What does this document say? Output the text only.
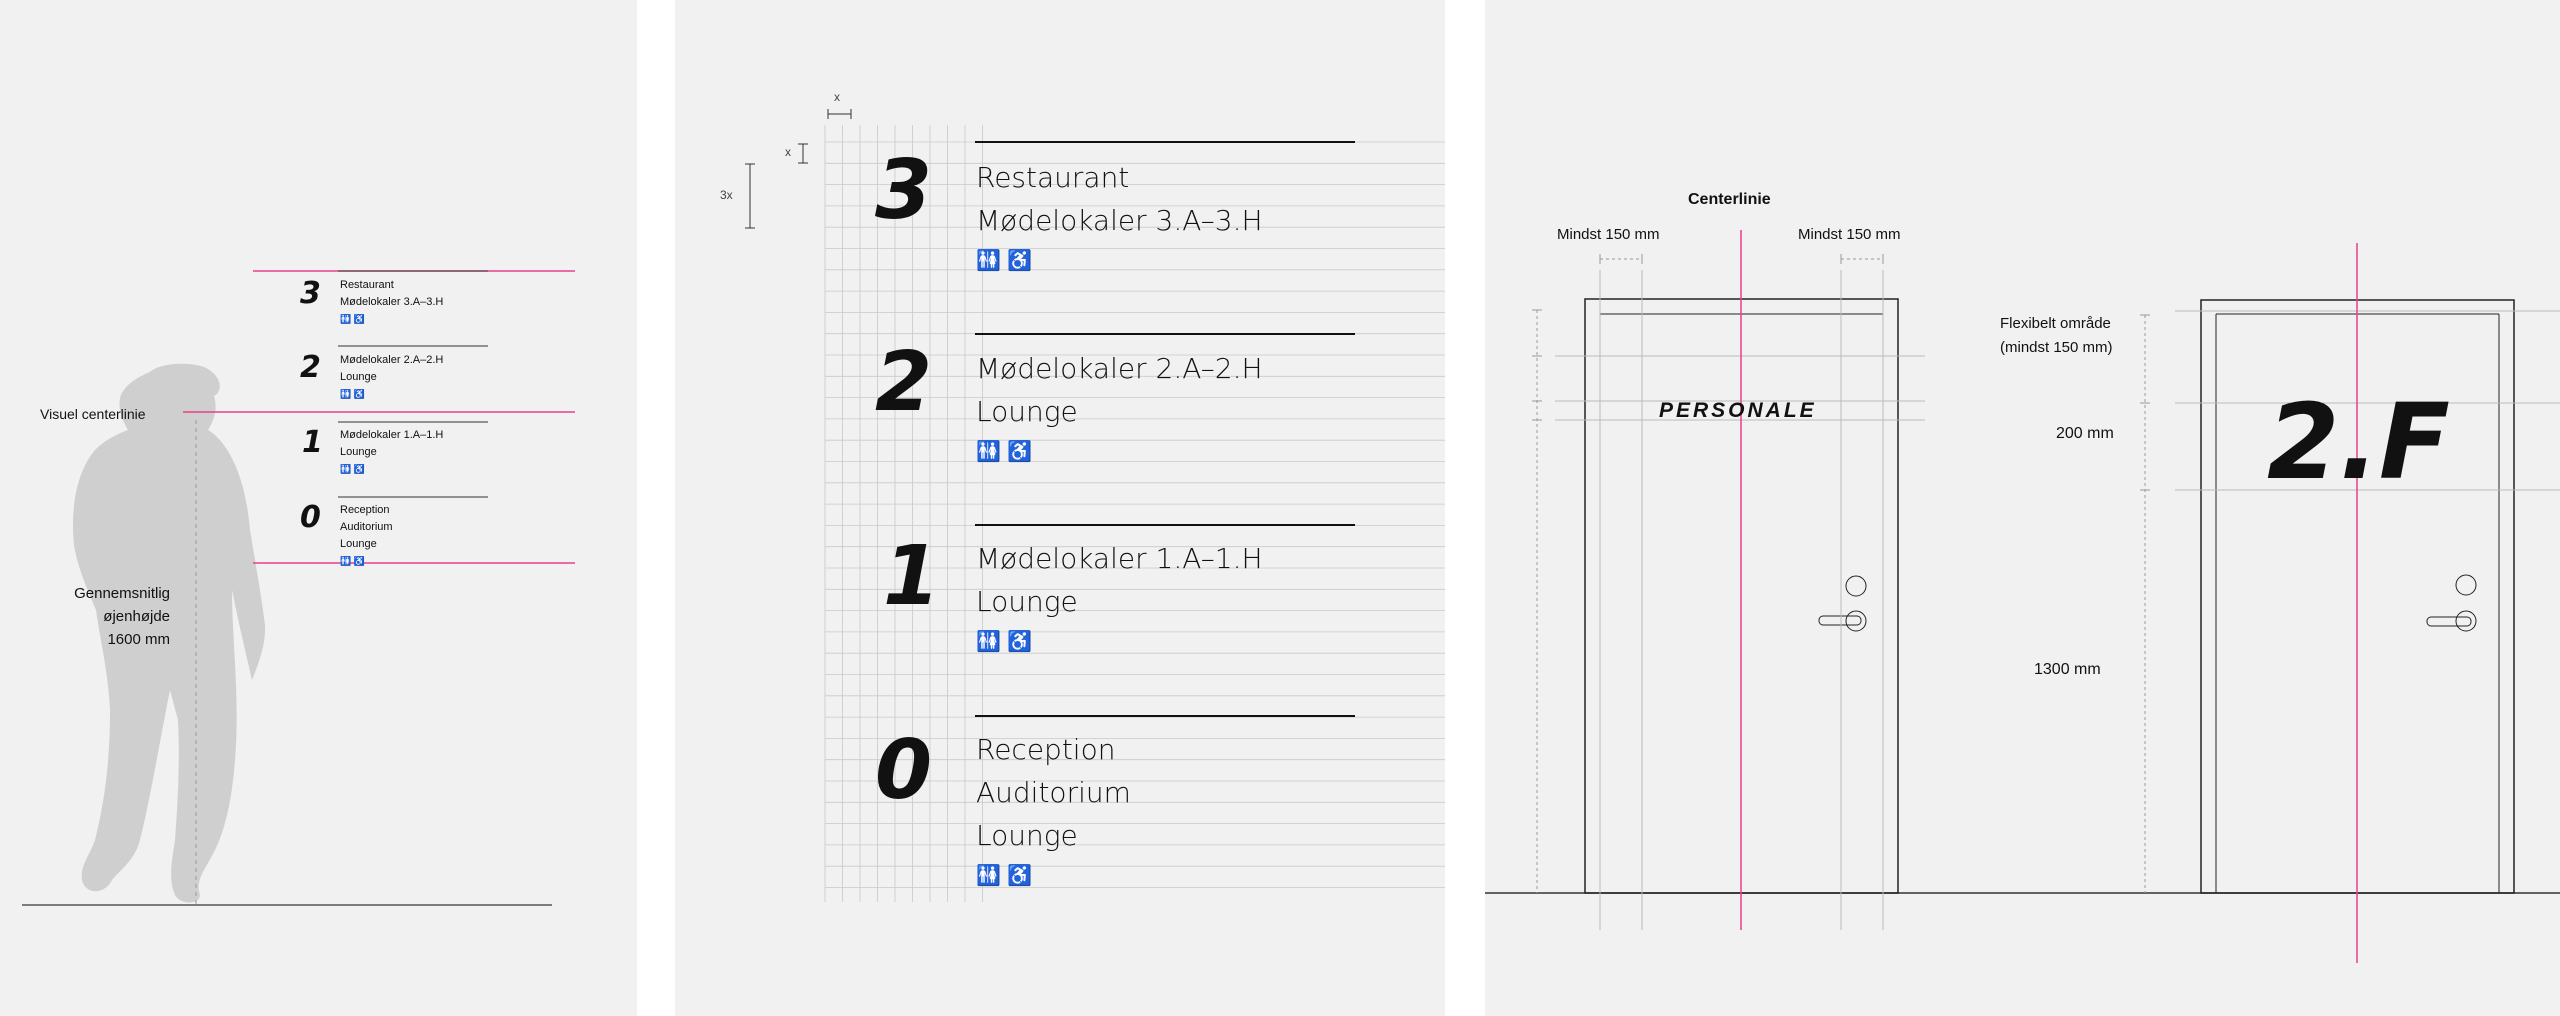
Visuel centerlinie
Gennemsnitlig
øjenhøjde
1600 mm
3 Restaurant
Mødelokaler 3.A–3.H
🚻 ♿
2 Mødelokaler 2.A–2.H
Lounge
🚻 ♿
1 Mødelokaler 1.A–1.H
Lounge
🚻 ♿
0 Reception
Auditorium
Lounge
🚻 ♿
x
x
3x 3 Restaurant
Mødelokaler 3.A–3.H
🚻 ♿
2 Mødelokaler 2.A–2.H
Lounge
🚻 ♿
1 Mødelokaler 1.A–1.H
Lounge
🚻 ♿
0 Reception
Auditorium
Lounge
🚻 ♿
Centerlinie
Mindst 150 mm	Mindst 150 mm
PERSONALE
Flexibelt område
(mindst 150 mm)
200 mm
1300 mm
2.F
